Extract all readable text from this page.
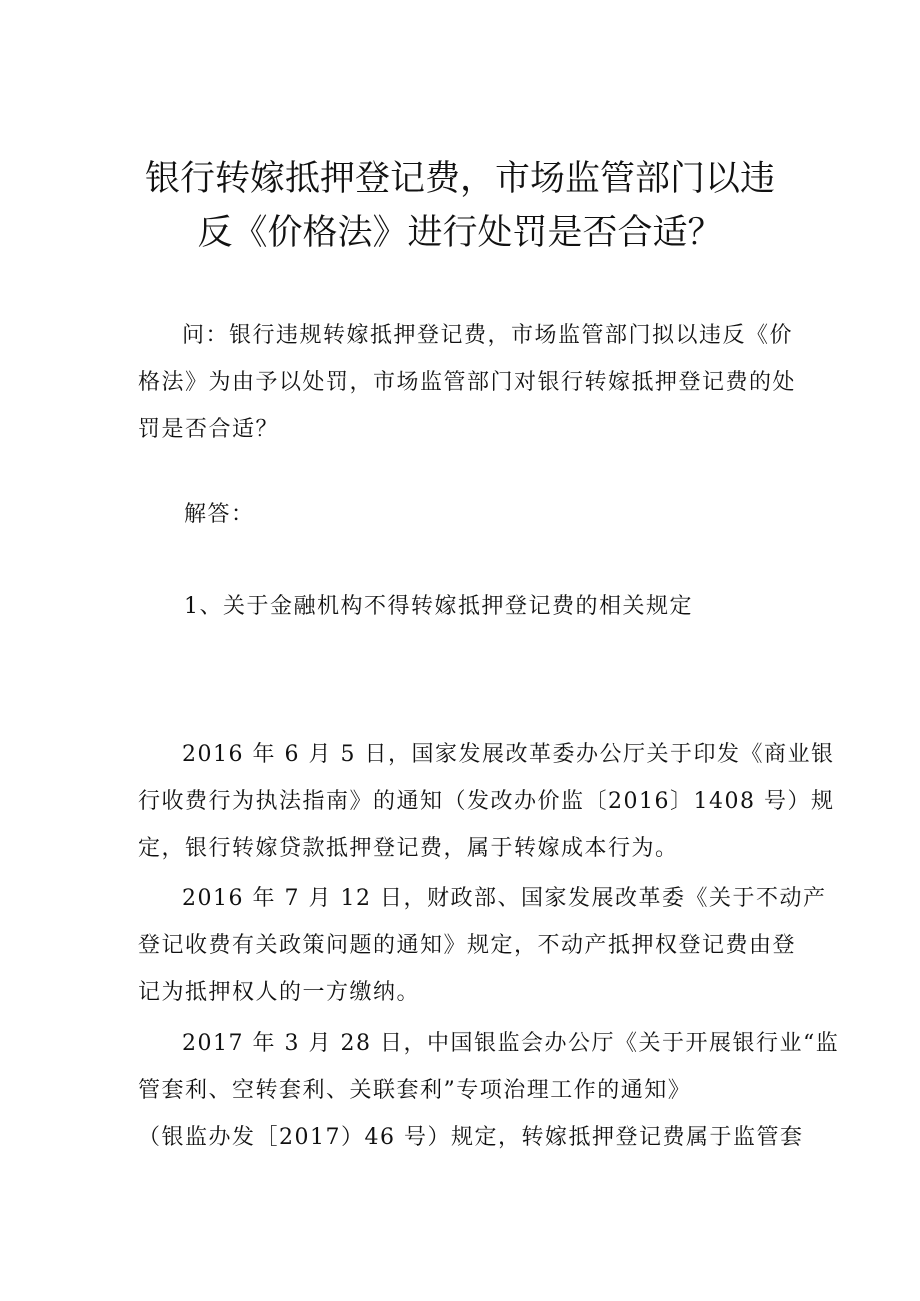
银行转嫁抵押登记费，市场监管部门以违
反《价格法》进行处罚是否合适？

问：银行违规转嫁抵押登记费，市场监管部门拟以违反《价
格法》为由予以处罚，市场监管部门对银行转嫁抵押登记费的处
罚是否合适？

解答：

1、关于金融机构不得转嫁抵押登记费的相关规定

2016 年 6 月 5 日，国家发展改革委办公厅关于印发《商业银
行收费行为执法指南》的通知（发改办价监〔2016〕1408 号）规
定，银行转嫁贷款抵押登记费，属于转嫁成本行为。

2016 年 7 月 12 日，财政部、国家发展改革委《关于不动产
登记收费有关政策问题的通知》规定，不动产抵押权登记费由登
记为抵押权人的一方缴纳。

2017 年 3 月 28 日，中国银监会办公厅《关于开展银行业“监
管套利、空转套利、关联套利”专项治理工作的通知》
（银监办发［2017）46 号）规定，转嫁抵押登记费属于监管套
